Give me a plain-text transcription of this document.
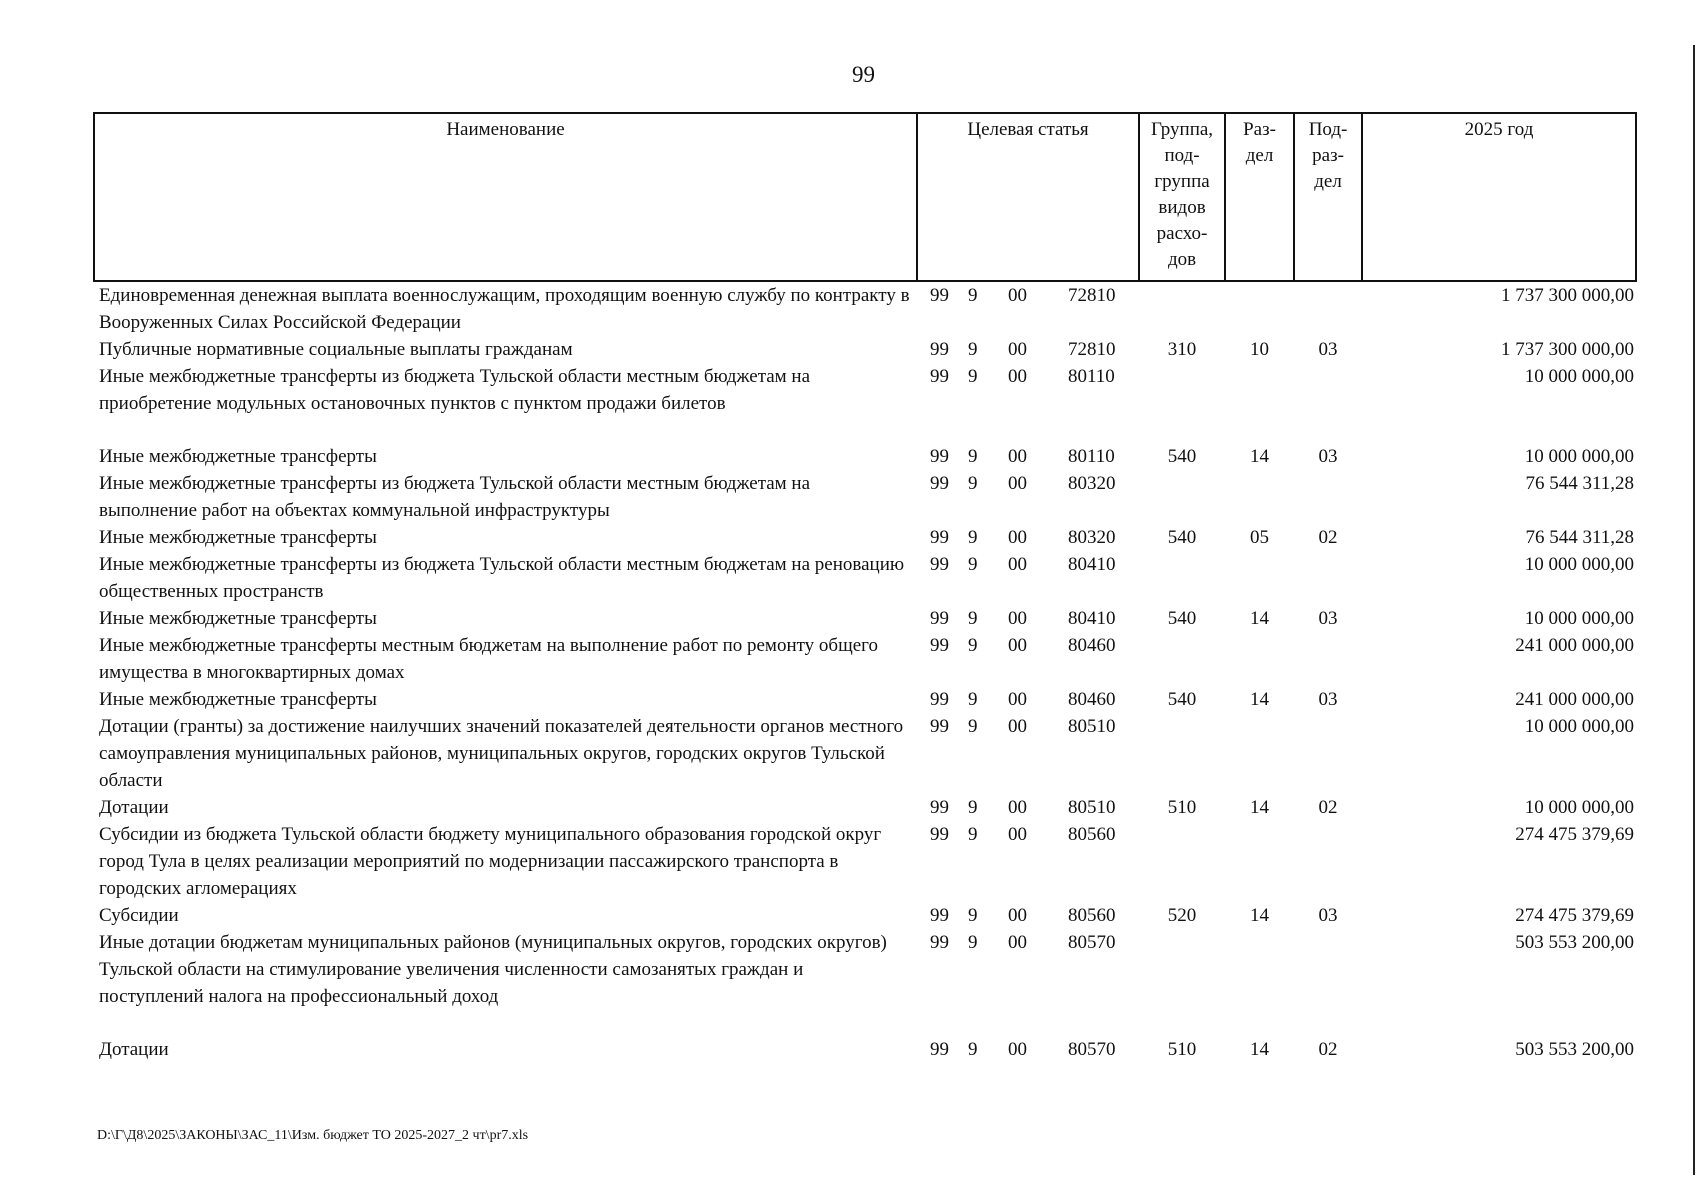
99
Наименование	Целевая статья				Группа, под- группа видов расхо- дов	Раз- дел	Под- раз- дел	2025 год
Единовременная денежная выплата военнослужащим, проходящим военную службу по контракту в Вооруженных Силах Российской Федерации	99	9	00	72810				1 737 300 000,00
Публичные нормативные социальные выплаты гражданам	99	9	00	72810	310	10	03	1 737 300 000,00
Иные межбюджетные трансферты из бюджета Тульской области местным бюджетам на приобретение модульных остановочных пунктов с пунктом продажи билетов	99	9	00	80110				10 000 000,00
Иные межбюджетные трансферты	99	9	00	80110	540	14	03	10 000 000,00
Иные межбюджетные трансферты из бюджета Тульской области местным бюджетам на выполнение работ на объектах коммунальной инфраструктуры	99	9	00	80320				76 544 311,28
Иные межбюджетные трансферты	99	9	00	80320	540	05	02	76 544 311,28
Иные межбюджетные трансферты из бюджета Тульской области местным бюджетам на реновацию общественных пространств	99	9	00	80410				10 000 000,00
Иные межбюджетные трансферты	99	9	00	80410	540	14	03	10 000 000,00
Иные межбюджетные трансферты местным бюджетам на выполнение работ по ремонту общего имущества в многоквартирных домах	99	9	00	80460				241 000 000,00
Иные межбюджетные трансферты	99	9	00	80460	540	14	03	241 000 000,00
Дотации (гранты) за достижение наилучших значений показателей деятельности органов местного самоуправления муниципальных районов, муниципальных округов, городских округов Тульской области	99	9	00	80510				10 000 000,00
Дотации	99	9	00	80510	510	14	02	10 000 000,00
Субсидии из бюджета Тульской области бюджету муниципального образования городской округ город Тула в целях реализации мероприятий по модернизации пассажирского транспорта в городских агломерациях	99	9	00	80560				274 475 379,69
Субсидии	99	9	00	80560	520	14	03	274 475 379,69
Иные дотации бюджетам муниципальных районов (муниципальных округов, городских округов) Тульской области на стимулирование увеличения численности самозанятых граждан и поступлений налога на профессиональный доход	99	9	00	80570				503 553 200,00
Дотации	99	9	00	80570	510	14	02	503 553 200,00
D:\Г\Д8\2025\ЗАКОНЫ\ЗАС_11\Изм. бюджет ТО 2025-2027_2 чт\pr7.xls
